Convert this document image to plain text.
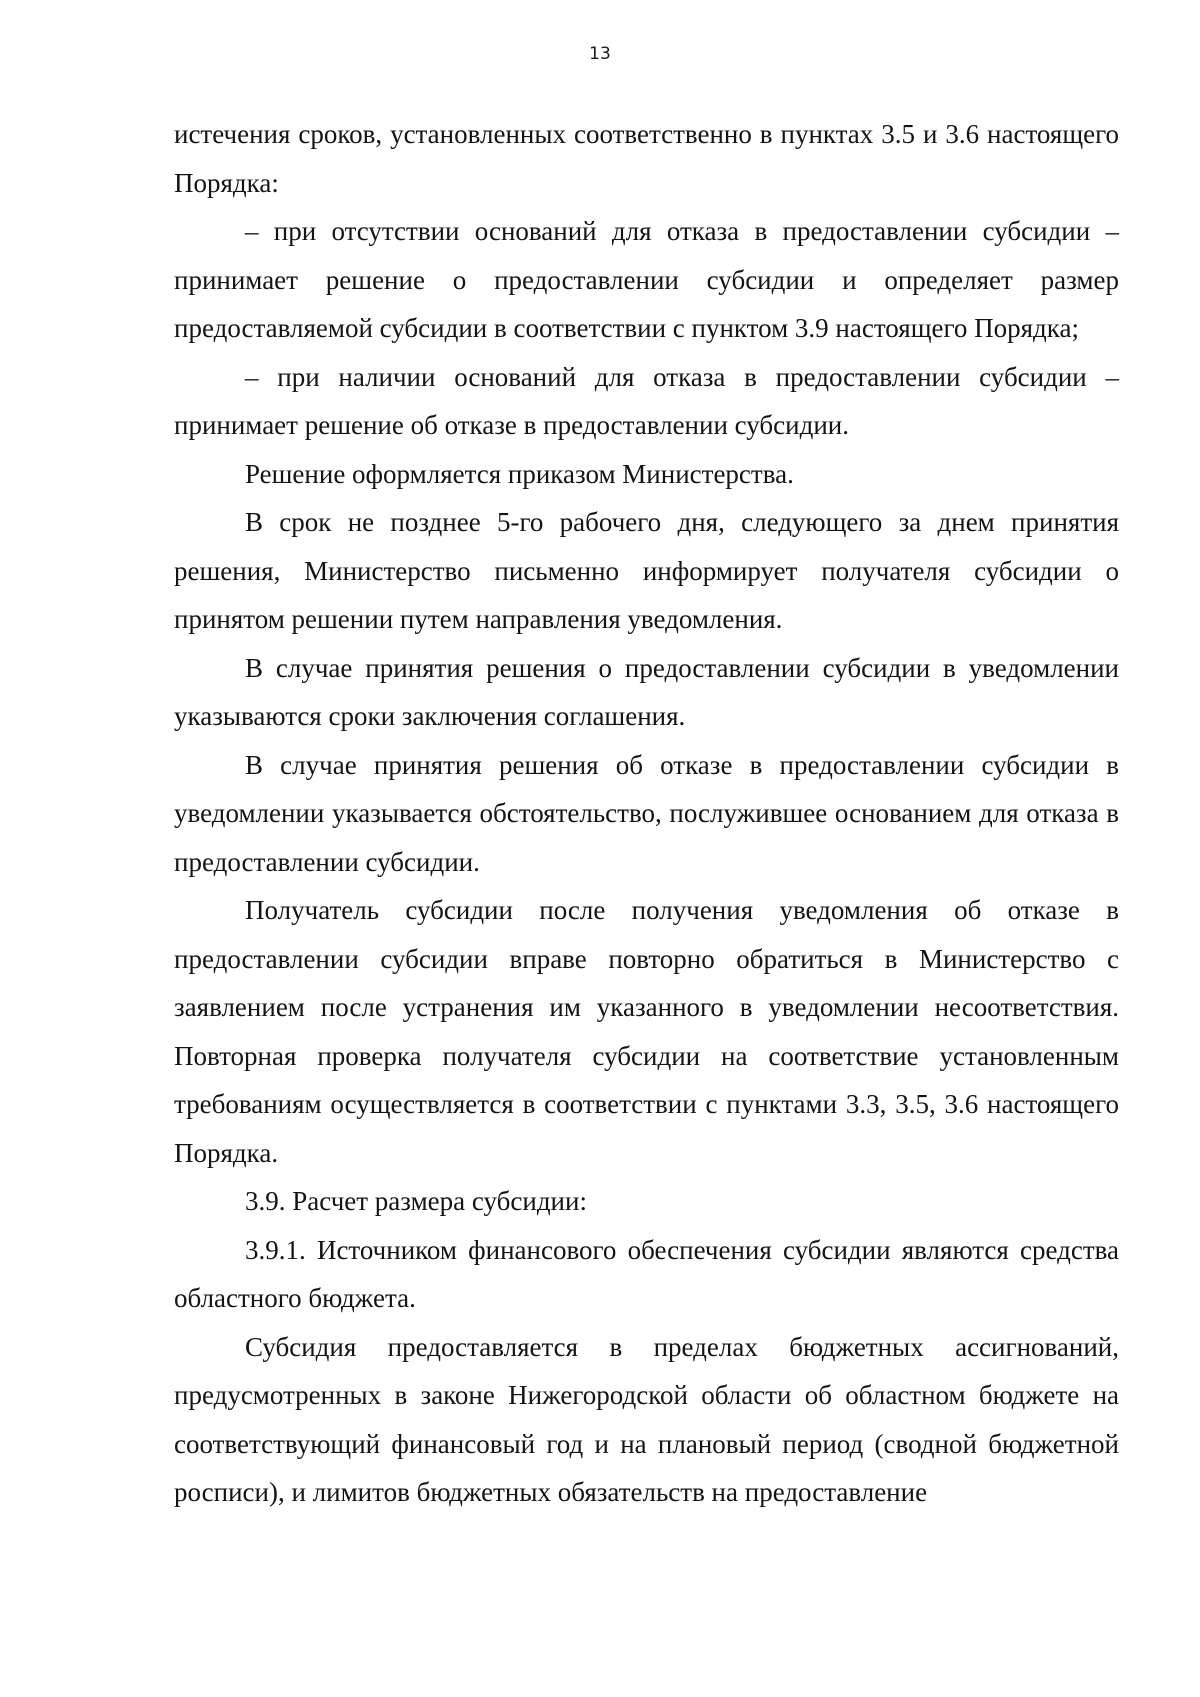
13

истечения сроков, установленных соответственно в пунктах 3.5 и 3.6 настоящего Порядка:

– при отсутствии оснований для отказа в предоставлении субсидии – принимает решение о предоставлении субсидии и определяет размер предоставляемой субсидии в соответствии с пунктом 3.9 настоящего Порядка;

– при наличии оснований для отказа в предоставлении субсидии – принимает решение об отказе в предоставлении субсидии.

Решение оформляется приказом Министерства.

В срок не позднее 5-го рабочего дня, следующего за днем принятия решения, Министерство письменно информирует получателя субсидии о принятом решении путем направления уведомления.

В случае принятия решения о предоставлении субсидии в уведомлении указываются сроки заключения соглашения.

В случае принятия решения об отказе в предоставлении субсидии в уведомлении указывается обстоятельство, послужившее основанием для отказа в предоставлении субсидии.

Получатель субсидии после получения уведомления об отказе в предоставлении субсидии вправе повторно обратиться в Министерство с заявлением после устранения им указанного в уведомлении несоответствия. Повторная проверка получателя субсидии на соответствие установленным требованиям осуществляется в соответствии с пунктами 3.3, 3.5, 3.6 настоящего Порядка.

3.9. Расчет размера субсидии:

3.9.1. Источником финансового обеспечения субсидии являются средства областного бюджета.

Субсидия предоставляется в пределах бюджетных ассигнований, предусмотренных в законе Нижегородской области об областном бюджете на соответствующий финансовый год и на плановый период (сводной бюджетной росписи), и лимитов бюджетных обязательств на предоставление
